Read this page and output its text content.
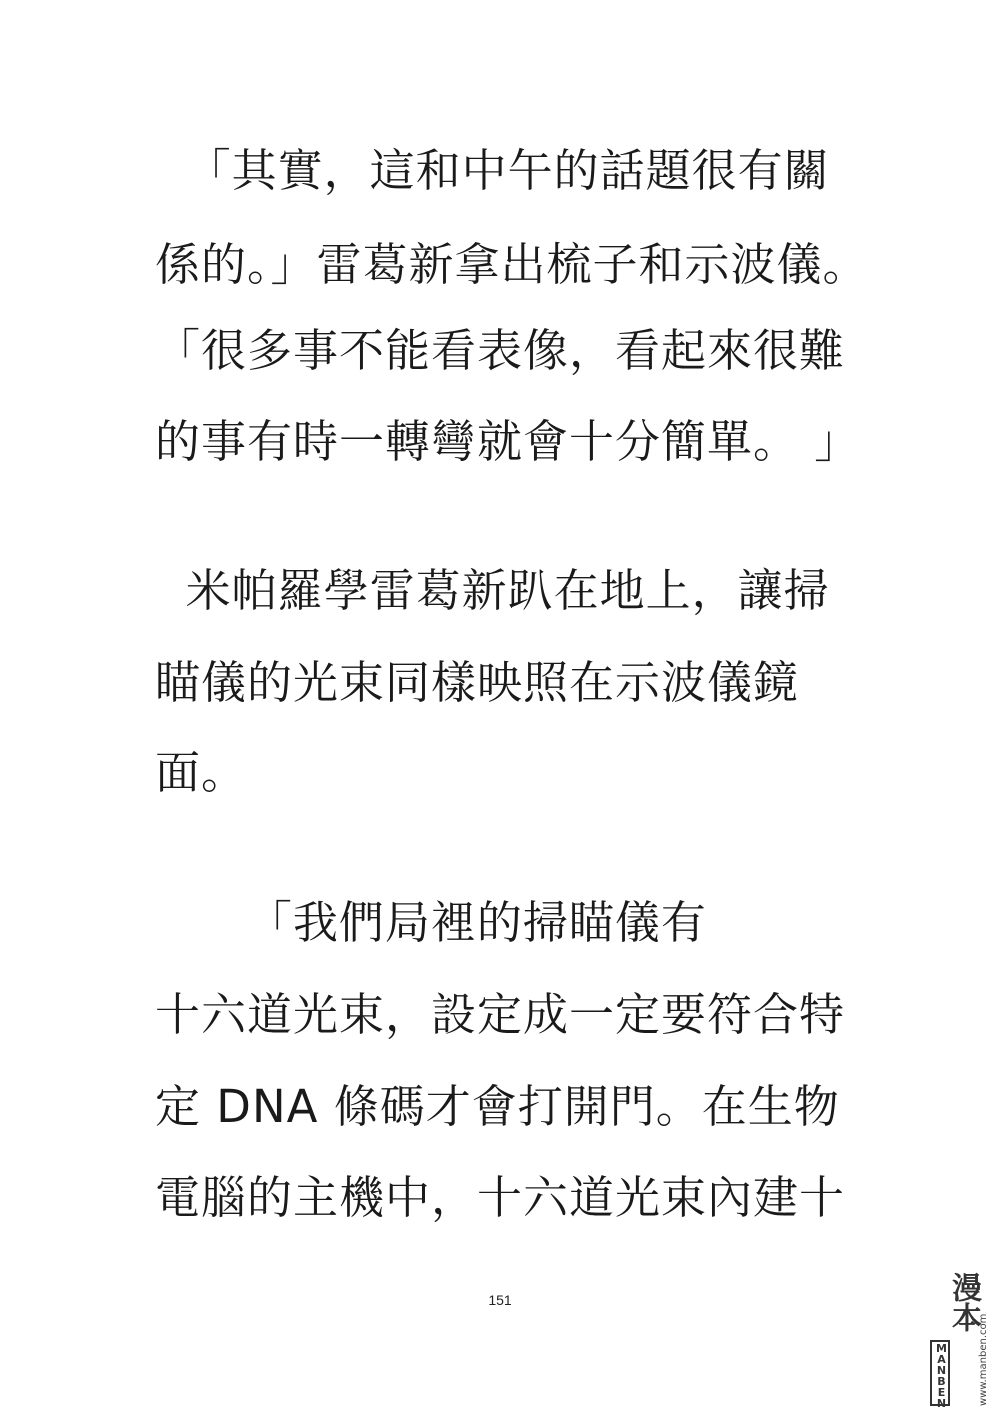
「其實，這和中午的話題很有關
係的。」雷葛新拿出梳子和示波儀。
「很多事不能看表像，看起來很難
的事有時一轉彎就會十分簡單。 」
米帕羅學雷葛新趴在地上，讓掃
瞄儀的光束同樣映照在示波儀鏡
面。
「我們局裡的掃瞄儀有
十六道光束，設定成一定要符合特
定 DNA 條碼才會打開門。在生物
電腦的主機中，十六道光束內建十
151
MANBEN
漫本
www.manben.com
